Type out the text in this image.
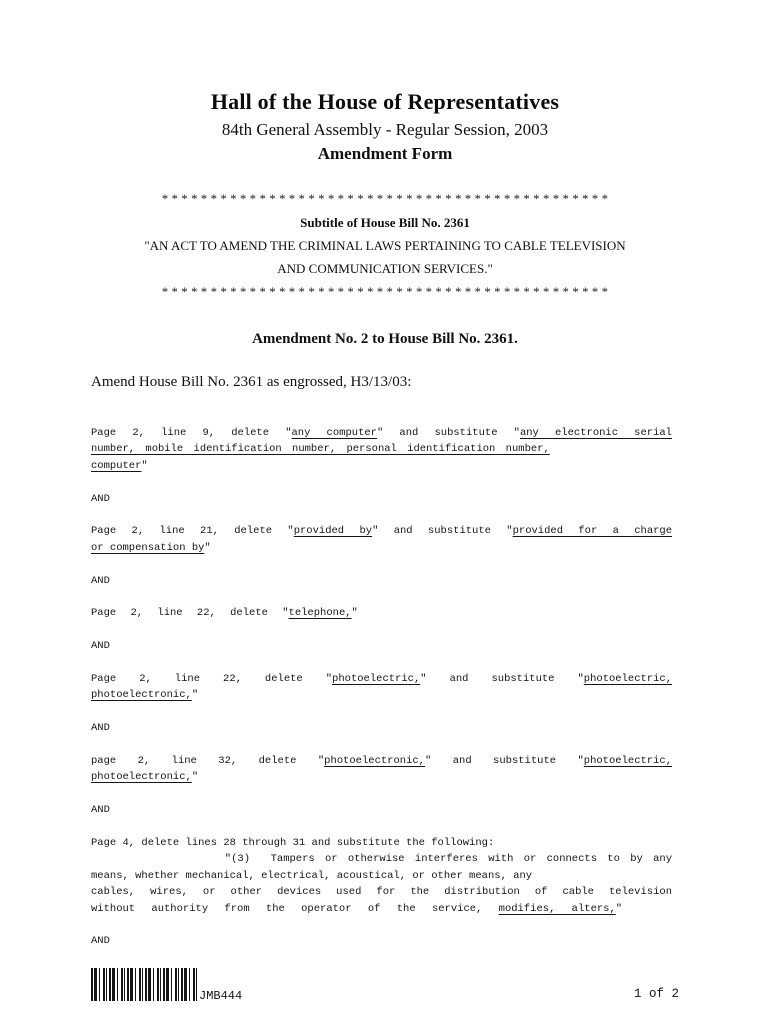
Hall of the House of Representatives
84th General Assembly - Regular Session, 2003
Amendment Form
* * * * * * * * * * * * * * * * * * * * * * * * * * * * * * * * * * * * * * * * * * * * * *
Subtitle of House Bill No. 2361
"AN ACT TO AMEND THE CRIMINAL LAWS PERTAINING TO CABLE TELEVISION
AND COMMUNICATION SERVICES."
* * * * * * * * * * * * * * * * * * * * * * * * * * * * * * * * * * * * * * * * * * * * * *
Amendment No. 2 to House Bill No. 2361.
Amend House Bill No. 2361 as engrossed, H3/13/03:
Page 2, line 9, delete "any computer" and substitute "any electronic serial
number, mobile identification number, personal identification number,
computer"
AND
Page 2, line 21, delete "provided by" and substitute "provided for a charge
or compensation by"
AND
Page 2, line 22, delete "telephone,"
AND
Page 2, line 22, delete "photoelectric," and substitute "photoelectric,
photoelectronic,"
AND
page 2, line 32, delete "photoelectronic," and substitute "photoelectric,
photoelectronic,"
AND
Page 4, delete lines 28 through 31 and substitute the following:
"(3)  Tampers or otherwise interferes with or connects to by any
means, whether mechanical, electrical, acoustical, or other means, any
cables, wires, or other devices used for the distribution of cable television
without authority from the operator of the service, modifies, alters,"
AND
JMB444	1 of 2
